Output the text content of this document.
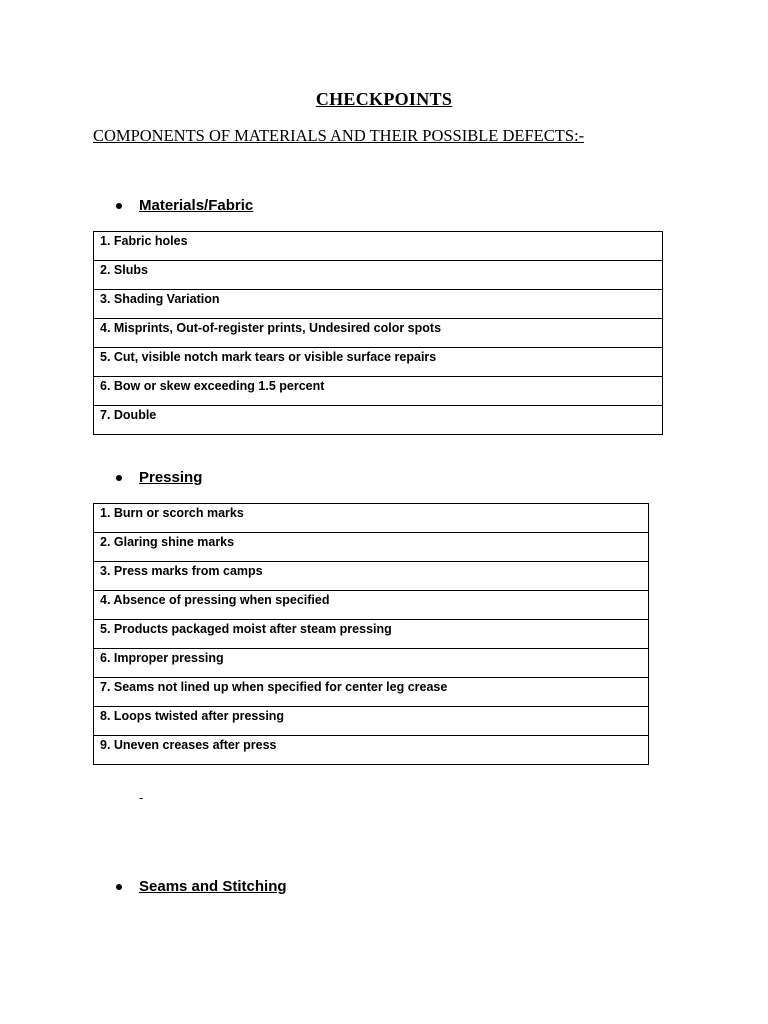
CHECKPOINTS
COMPONENTS OF MATERIALS AND THEIR POSSIBLE DEFECTS:-
Materials/Fabric
1. Fabric holes
2. Slubs
3. Shading Variation
4. Misprints, Out-of-register prints, Undesired color spots
5. Cut, visible notch mark tears or visible surface repairs
6. Bow or skew exceeding 1.5 percent
7. Double
Pressing
1. Burn or scorch marks
2. Glaring shine marks
3. Press marks from camps
4. Absence of pressing when specified
5. Products packaged moist after steam pressing
6. Improper pressing
7. Seams not lined up when specified for center leg crease
8. Loops twisted after pressing
9. Uneven creases after press
-
Seams and Stitching
